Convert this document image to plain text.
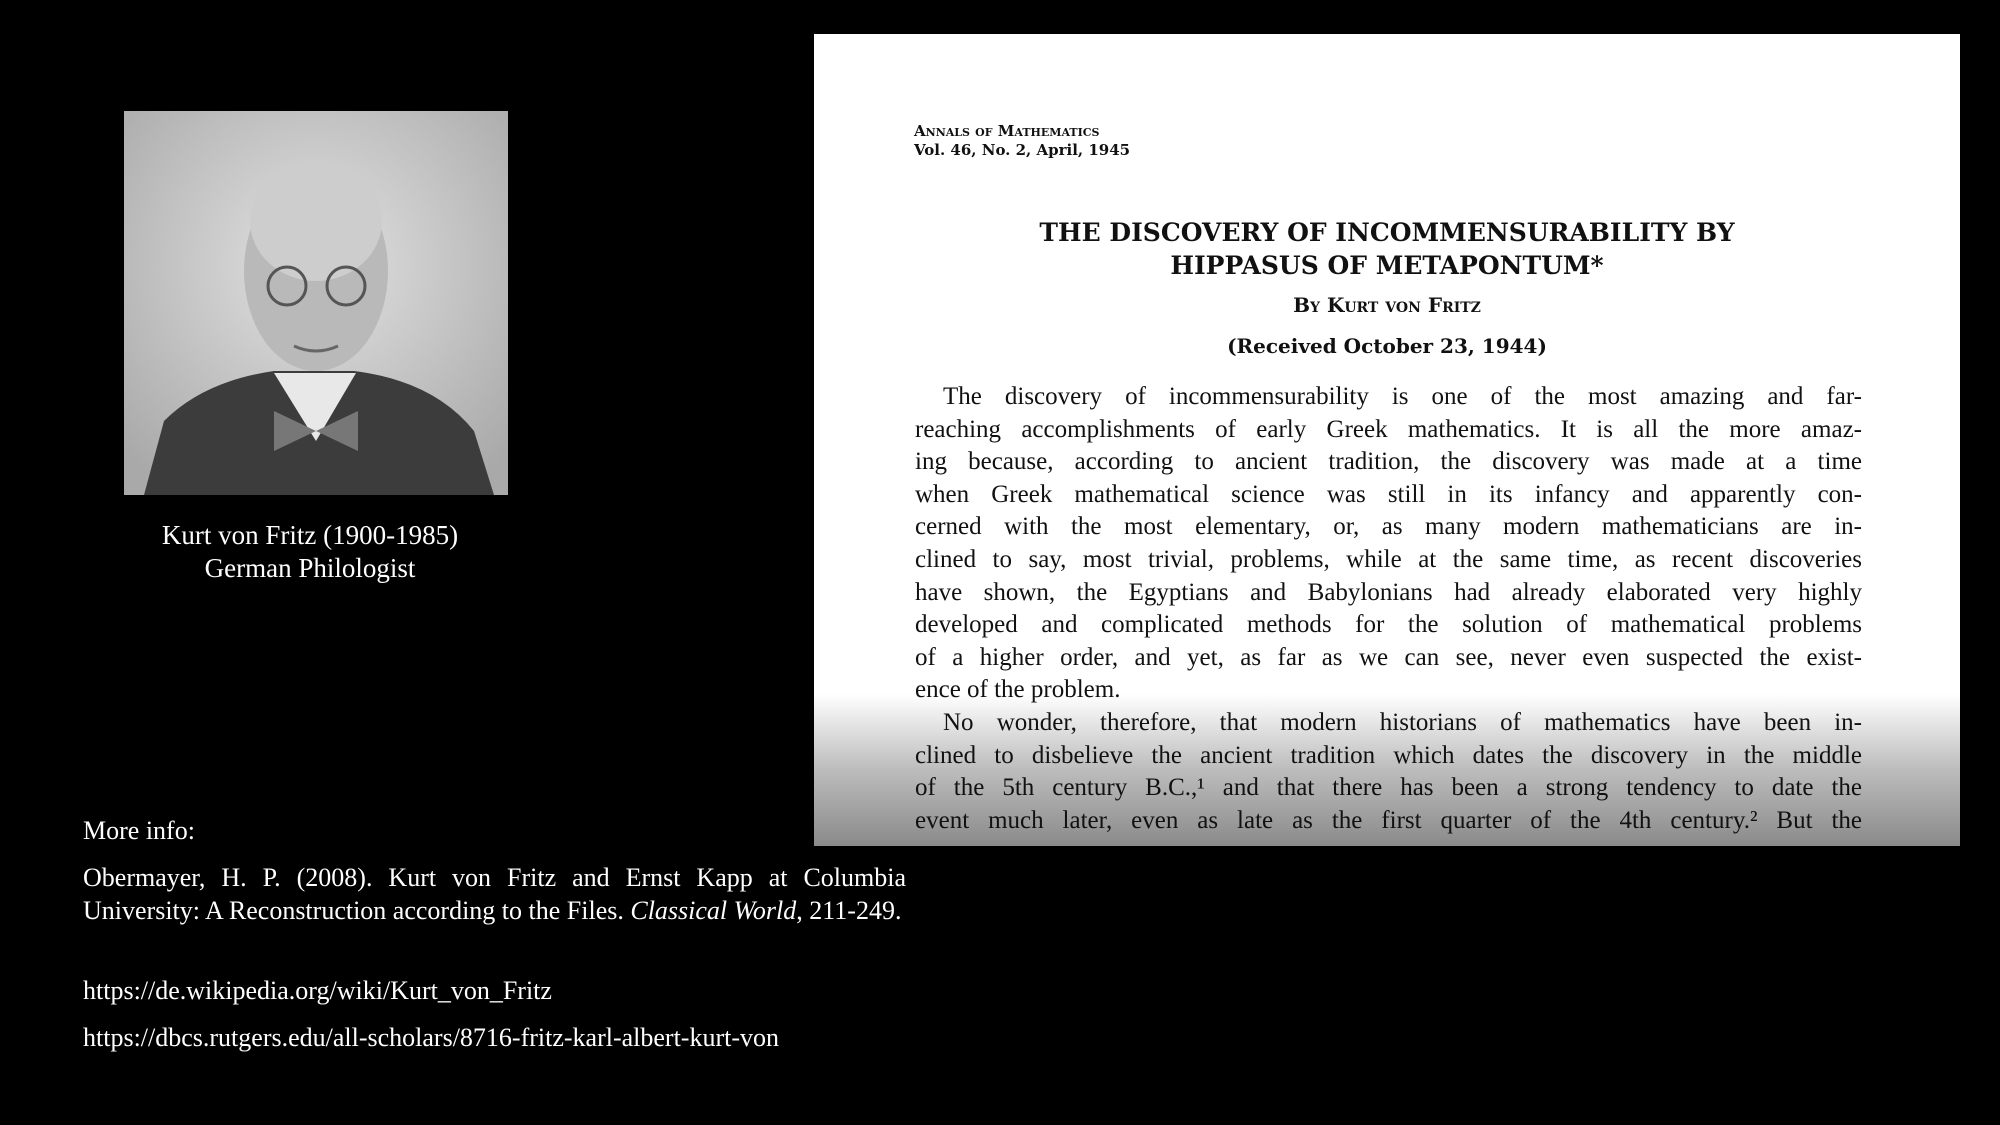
Kurt von Fritz (1900-1985)
German Philologist
More info:
Obermayer, H. P. (2008). Kurt von Fritz and Ernst Kapp at Columbia University: A Reconstruction according to the Files. Classical World, 211-249.
https://de.wikipedia.org/wiki/Kurt_von_Fritz
https://dbcs.rutgers.edu/all-scholars/8716-fritz-karl-albert-kurt-von
Annals of Mathematics
Vol. 46, No. 2, April, 1945
THE DISCOVERY OF INCOMMENSURABILITY BY
HIPPASUS OF METAPONTUM*
By Kurt von Fritz
(Received October 23, 1944)
The discovery of incommensurability is one of the most amazing and far-
reaching accomplishments of early Greek mathematics. It is all the more amaz-
ing because, according to ancient tradition, the discovery was made at a time
when Greek mathematical science was still in its infancy and apparently con-
cerned with the most elementary, or, as many modern mathematicians are in-
clined to say, most trivial, problems, while at the same time, as recent discoveries
have shown, the Egyptians and Babylonians had already elaborated very highly
developed and complicated methods for the solution of mathematical problems
of a higher order, and yet, as far as we can see, never even suspected the exist-
ence of the problem.
No wonder, therefore, that modern historians of mathematics have been in-
clined to disbelieve the ancient tradition which dates the discovery in the middle
of the 5th century B.C.,¹ and that there has been a strong tendency to date the
event much later, even as late as the first quarter of the 4th century.² But the
